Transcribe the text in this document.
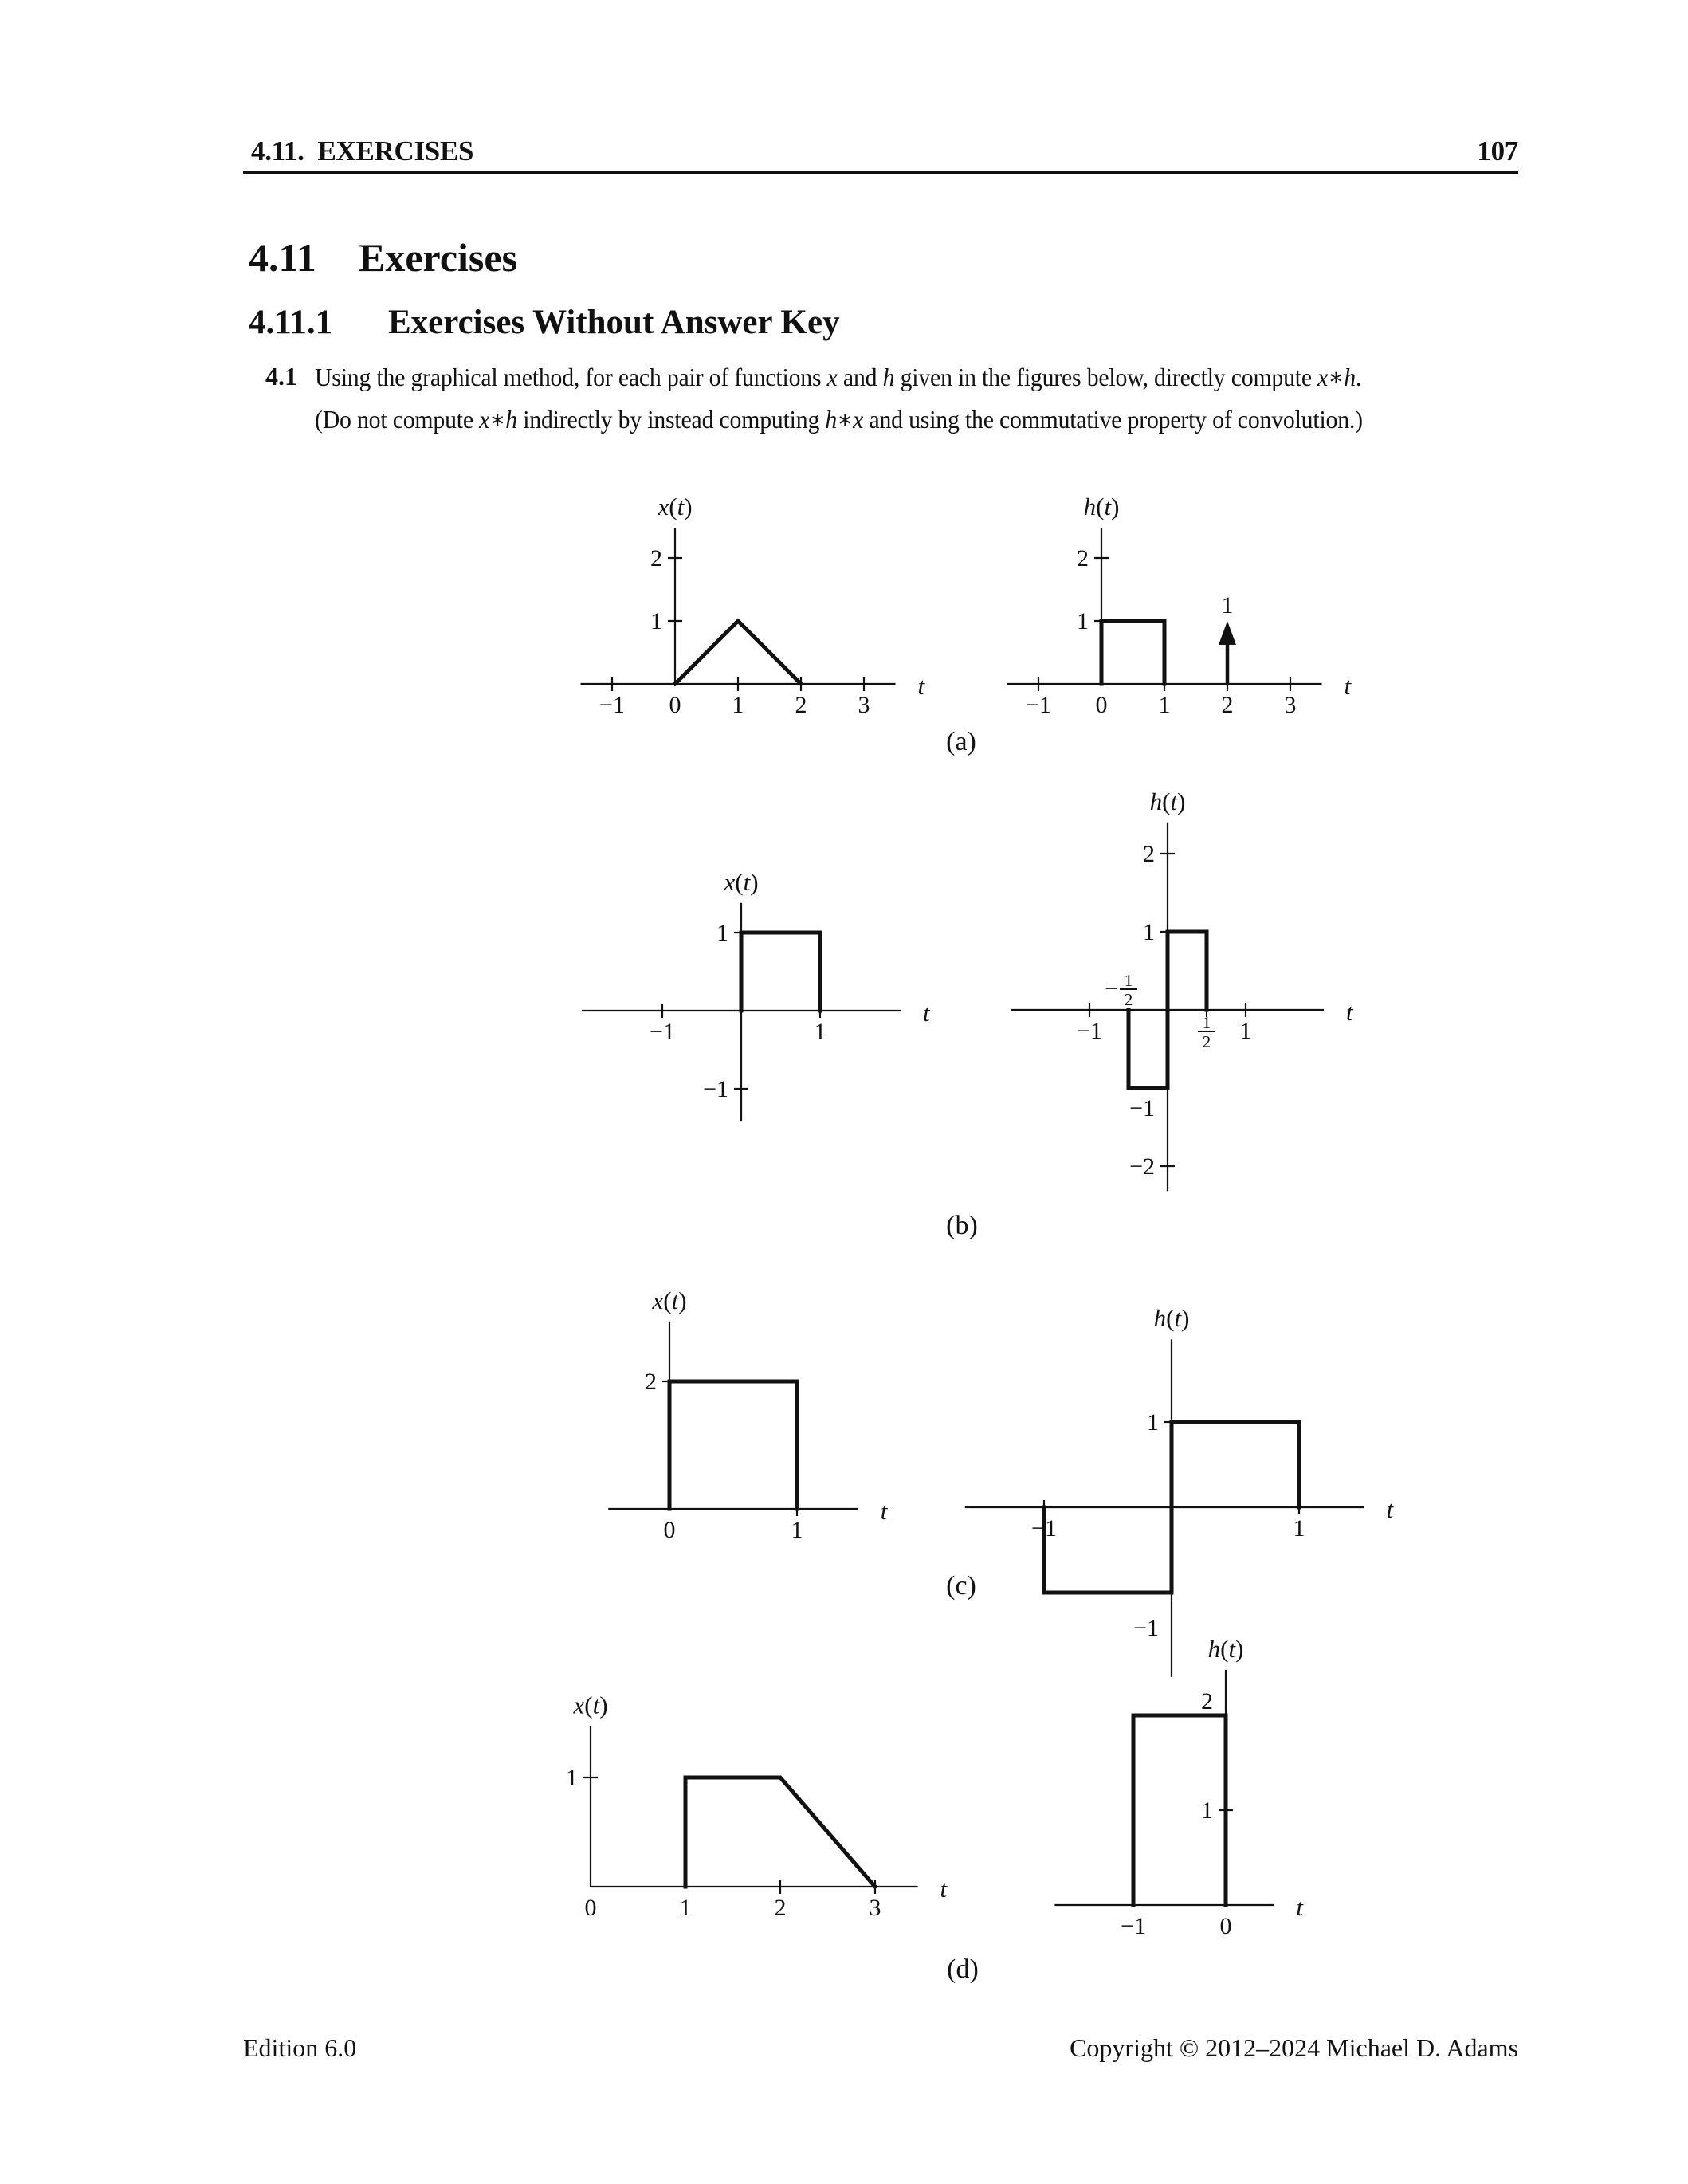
4.11.  EXERCISES	107
4.11 Exercises
4.11.1 Exercises Without Answer Key
4.1 Using the graphical method, for each pair of functions x and h given in the figures below, directly compute x∗h.
(Do not compute x∗h indirectly by instead computing h∗x and using the commutative property of convolution.)
−1 0 1 2 3
1
2
x(t)
t
−1 0 1 2 3
1
2
1
h(t)
t
−1	1
1
−1
x(t)
t
−1
− 1
2
1
2 1
2
1
−1
−2
h(t)
t
0	1
2
x(t)
t
−1	1
1
−1
h(t)
t
0	1	2	3
1
x(t)
t
−1	0
1
2
h(t)
t
(a)
(b)
(c)
(d)
Edition 6.0	Copyright © 2012–2024 Michael D. Adams
